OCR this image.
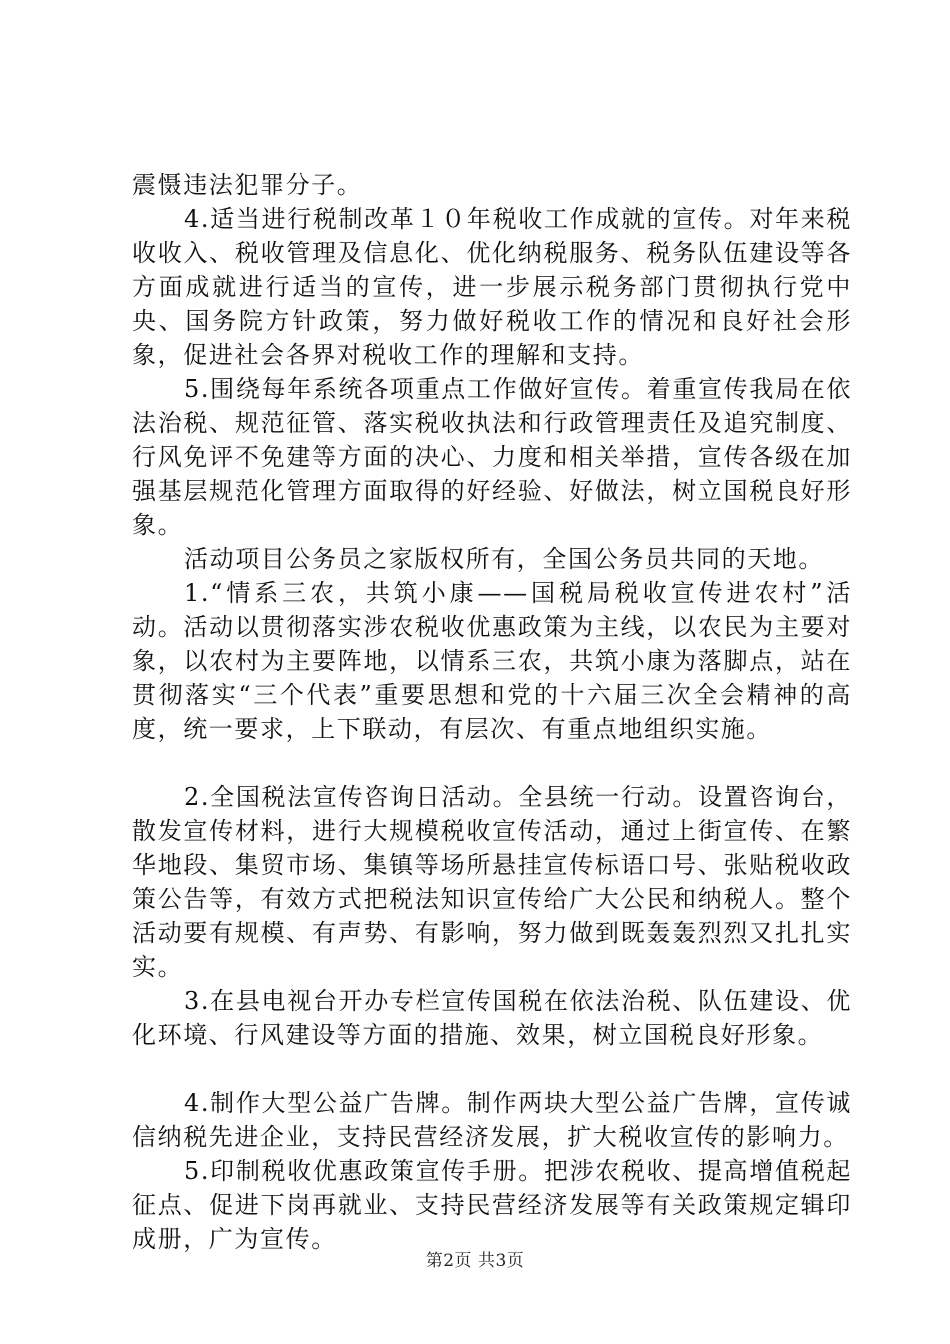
震慑违法犯罪分子。

4.适当进行税制改革１０年税收工作成就的宣传。对年来税收收入、税收管理及信息化、优化纳税服务、税务队伍建设等各方面成就进行适当的宣传，进一步展示税务部门贯彻执行党中央、国务院方针政策，努力做好税收工作的情况和良好社会形象，促进社会各界对税收工作的理解和支持。

5.围绕每年系统各项重点工作做好宣传。着重宣传我局在依法治税、规范征管、落实税收执法和行政管理责任及追究制度、行风免评不免建等方面的决心、力度和相关举措，宣传各级在加强基层规范化管理方面取得的好经验、好做法，树立国税良好形象。

活动项目公务员之家版权所有，全国公务员共同的天地。

1.“情系三农，共筑小康——国税局税收宣传进农村”活动。活动以贯彻落实涉农税收优惠政策为主线，以农民为主要对象，以农村为主要阵地，以情系三农，共筑小康为落脚点，站在贯彻落实“三个代表”重要思想和党的十六届三次全会精神的高度，统一要求，上下联动，有层次、有重点地组织实施。

2.全国税法宣传咨询日活动。全县统一行动。设置咨询台，散发宣传材料，进行大规模税收宣传活动，通过上街宣传、在繁华地段、集贸市场、集镇等场所悬挂宣传标语口号、张贴税收政策公告等，有效方式把税法知识宣传给广大公民和纳税人。整个活动要有规模、有声势、有影响，努力做到既轰轰烈烈又扎扎实实。

3.在县电视台开办专栏宣传国税在依法治税、队伍建设、优化环境、行风建设等方面的措施、效果，树立国税良好形象。

4.制作大型公益广告牌。制作两块大型公益广告牌，宣传诚信纳税先进企业，支持民营经济发展，扩大税收宣传的影响力。

5.印制税收优惠政策宣传手册。把涉农税收、提高增值税起征点、促进下岗再就业、支持民营经济发展等有关政策规定辑印成册，广为宣传。

第2页 共3页
